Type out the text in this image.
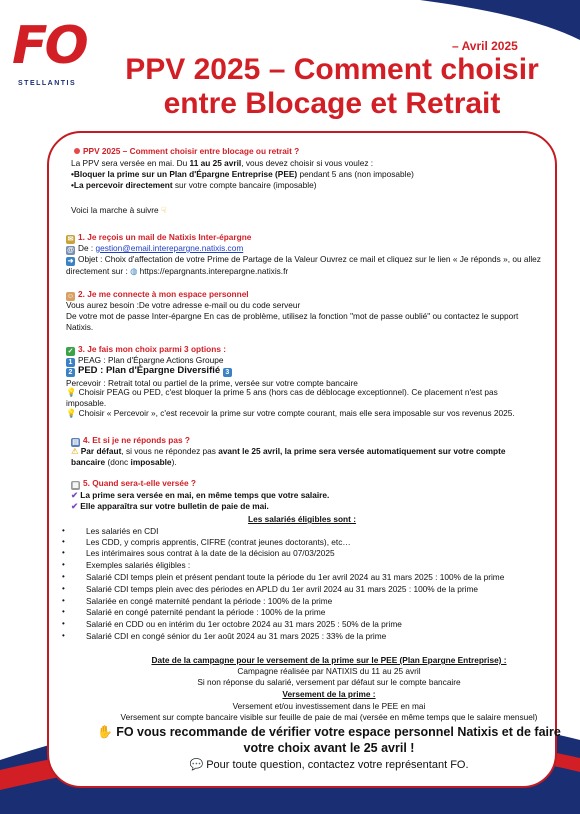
FO
STELLANTIS
– Avril 2025
PPV 2025 – Comment choisir
entre Blocage et Retrait
PPV 2025 – Comment choisir entre blocage ou retrait ?
La PPV sera versée en mai. Du 11 au 25 avril, vous devez choisir si vous voulez :
•Bloquer la prime sur un Plan d'Épargne Entreprise (PEE) pendant 5 ans (non imposable)
•La percevoir directement sur votre compte bancaire (imposable)
Voici la marche à suivre ☟
✉ 1. Je reçois un mail de Natixis Inter-épargne
@ De : gestion@email.interepargne.natixis.com
➜ Objet : Choix d'affectation de votre Prime de Partage de la Valeur Ouvrez ce mail et cliquez sur le lien « Je réponds », ou allez directement sur : ◍ https://epargnants.interepargne.natixis.fr
☺ 2. Je me connecte à mon espace personnel
Vous aurez besoin :De votre adresse e-mail ou du code serveur
De votre mot de passe Inter-épargne En cas de problème, utilisez la fonction "mot de passe oublié" ou contactez le support Natixis.
✓ 3. Je fais mon choix parmi 3 options :
1 PEAG : Plan d'Épargne Actions Groupe
2 PED : Plan d'Épargne Diversifié 3
Percevoir : Retrait total ou partiel de la prime, versée sur votre compte bancaire
💡 Choisir PEAG ou PED, c'est bloquer la prime 5 ans (hors cas de déblocage exceptionnel). Ce placement n'est pas imposable.
💡 Choisir « Percevoir », c'est recevoir la prime sur votre compte courant, mais elle sera imposable sur vos revenus 2025.
▤ 4. Et si je ne réponds pas ?
⚠ Par défaut, si vous ne répondez pas avant le 25 avril, la prime sera versée automatiquement sur votre compte bancaire (donc imposable).
▦ 5. Quand sera-t-elle versée ?
✔ La prime sera versée en mai, en même temps que votre salaire.
✔ Elle apparaîtra sur votre bulletin de paie de mai.
Les salariés éligibles sont :
•	Les salariés en CDI
•	Les CDD, y compris apprentis, CIFRE (contrat jeunes doctorants), etc…
•	Les intérimaires sous contrat à la date de la décision au 07/03/2025
•	Exemples salariés éligibles :
•	Salarié CDI temps plein et présent pendant toute la période du 1er avril 2024 au 31 mars 2025 : 100% de la prime
•	Salarié CDI temps plein avec des périodes en APLD du 1er avril 2024 au 31 mars 2025 : 100% de la prime
•	Salariée en congé maternité pendant la période : 100% de la prime
•	Salarié en congé paternité pendant la période : 100% de la prime
•	Salarié en CDD ou en intérim du 1er octobre 2024 au 31 mars 2025 : 50% de la prime
•	Salarié CDI en congé sénior du 1er août 2024 au 31 mars 2025 : 33% de la prime
Date de la campagne pour le versement de la prime sur le PEE (Plan Epargne Entreprise) :
Campagne réalisée par NATIXIS du 11 au 25 avril
Si non réponse du salarié, versement par défaut sur le compte bancaire
Versement de la prime :
Versement et/ou investissement dans le PEE en mai
Versement sur compte bancaire visible sur feuille de paie de mai (versée en même temps que le salaire mensuel)
✋ FO vous recommande de vérifier votre espace personnel Natixis et de faire
votre choix avant le 25 avril !
💬 Pour toute question, contactez votre représentant FO.
